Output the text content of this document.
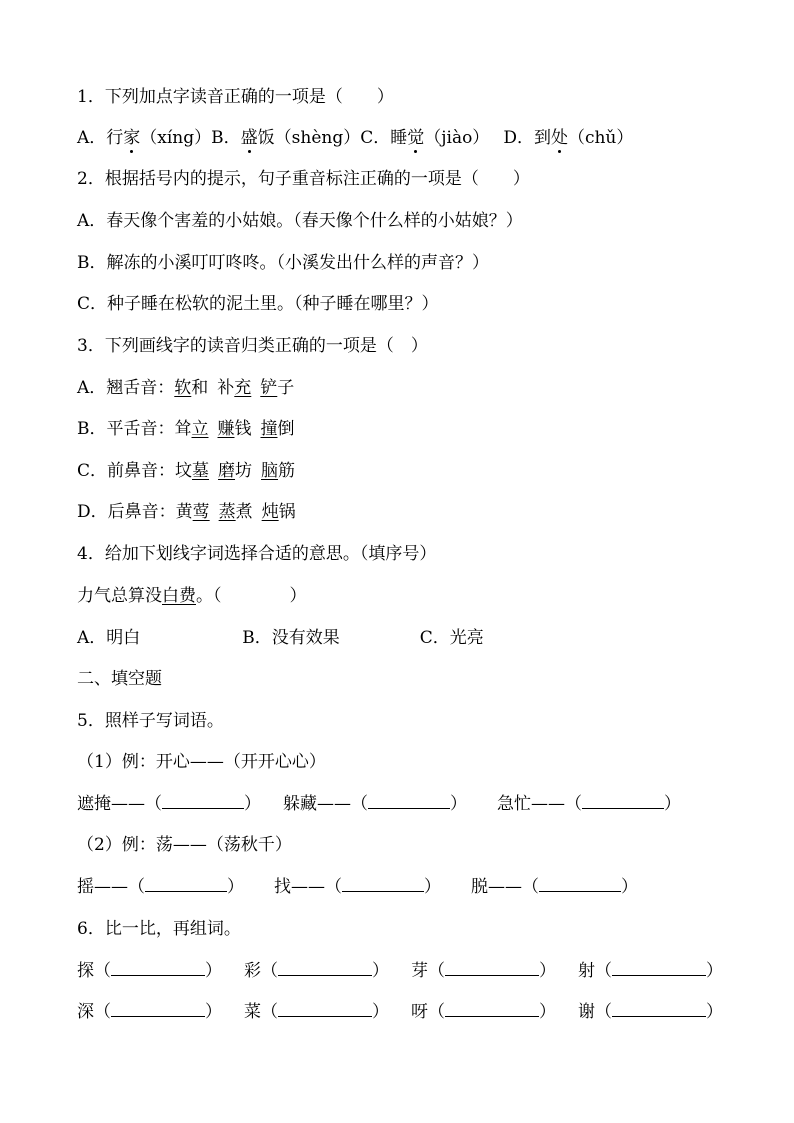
1．下列加点字读音正确的一项是（　　）
A．行家（xíng）B．盛饭（shèng）C．睡觉（jiào） D．到处（chǔ）
2．根据括号内的提示，句子重音标注正确的一项是（　　）
A．春天像个害羞的小姑娘。（春天像个什么样的小姑娘？）
B．解冻的小溪叮叮咚咚。（小溪发出什么样的声音？）
C．种子睡在松软的泥土里。（种子睡在哪里？）
3．下列画线字的读音归类正确的一项是（　）
A．翘舌音：软和 补充 铲子
B．平舌音：耸立 赚钱 撞倒
C．前鼻音：坟墓 磨坊 脑筋
D．后鼻音：黄莺 蒸煮 炖锅
4．给加下划线字词选择合适的意思。（填序号）
力气总算没白费。（　　　　）
A．明白	B．没有效果	C．光亮
二、填空题
5．照样子写词语。
（1）例：开心——（开开心心）
遮掩——（	） 躲藏——（	） 急忙——（	）
（2）例：荡——（荡秋千）
摇——（	） 找——（	） 脱——（	）
6．比一比，再组词。
探（	） 彩（	） 芽（	） 射（	）
深（	） 菜（	） 呀（	） 谢（	）
